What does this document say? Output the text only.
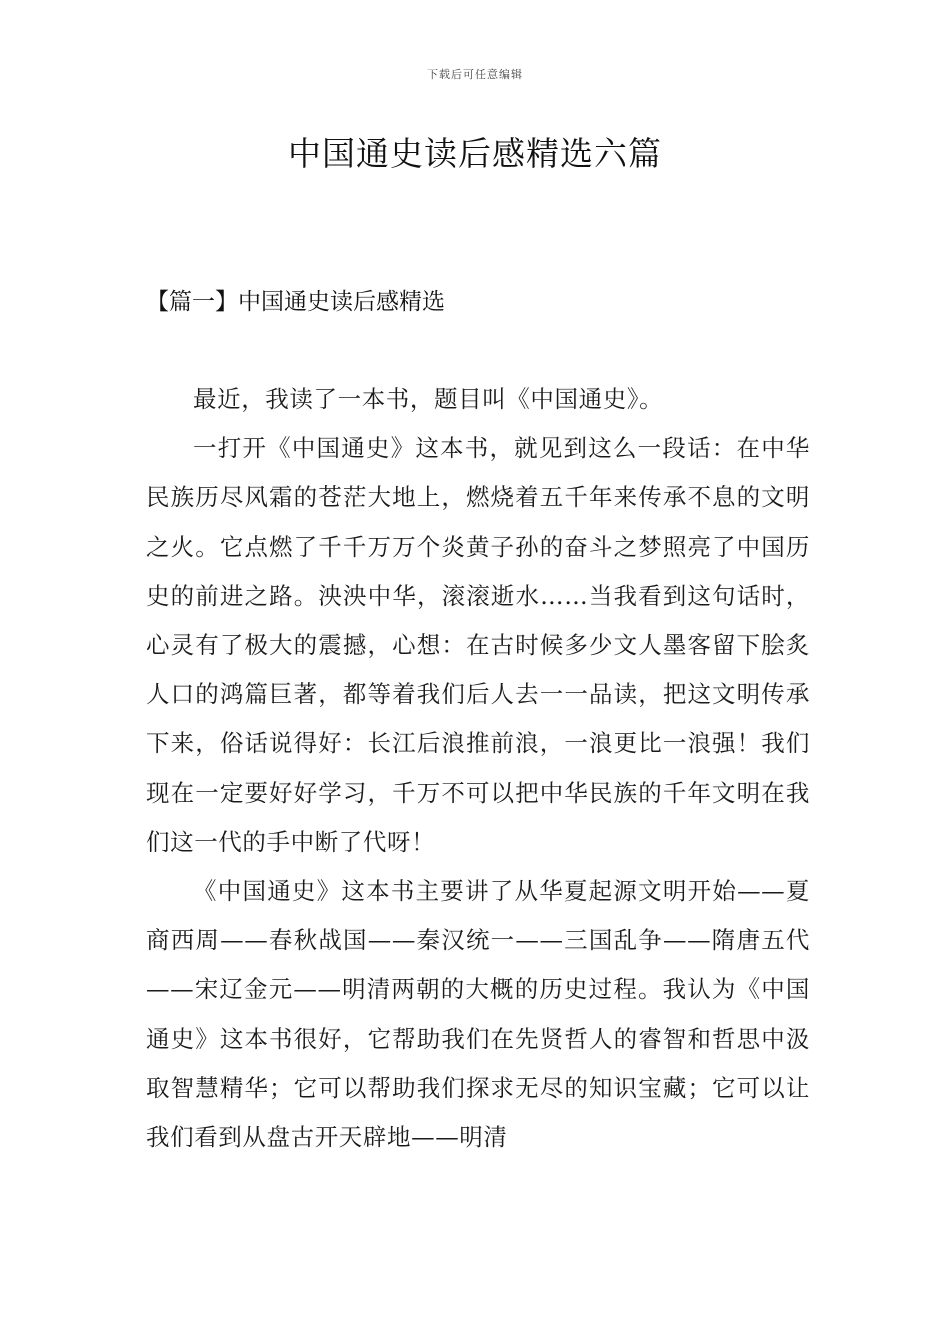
下载后可任意编辑
中国通史读后感精选六篇
【篇一】中国通史读后感精选

最近，我读了一本书，题目叫《中国通史》。

一打开《中国通史》这本书，就见到这么一段话：在中华民族历尽风霜的苍茫大地上，燃烧着五千年来传承不息的文明之火。它点燃了千千万万个炎黄子孙的奋斗之梦照亮了中国历史的前进之路。泱泱中华，滚滚逝水……当我看到这句话时，心灵有了极大的震撼，心想：在古时候多少文人墨客留下脍炙人口的鸿篇巨著，都等着我们后人去一一品读，把这文明传承下来，俗话说得好：长江后浪推前浪，一浪更比一浪强！我们现在一定要好好学习，千万不可以把中华民族的千年文明在我们这一代的手中断了代呀！

《中国通史》这本书主要讲了从华夏起源文明开始——夏商西周——春秋战国——秦汉统一——三国乱争——隋唐五代——宋辽金元——明清两朝的大概的历史过程。我认为《中国通史》这本书很好，它帮助我们在先贤哲人的睿智和哲思中汲取智慧精华；它可以帮助我们探求无尽的知识宝藏；它可以让我们看到从盘古开天辟地——明清
